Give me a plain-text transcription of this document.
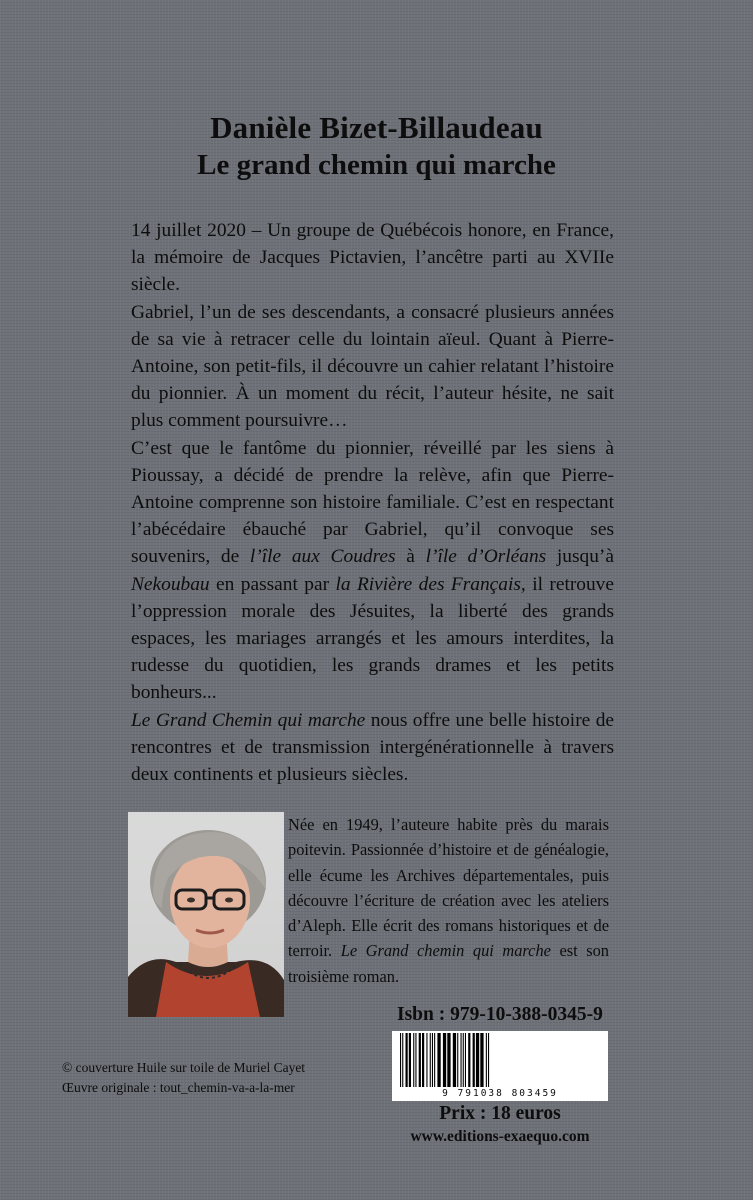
Danièle Bizet-Billaudeau
Le grand chemin qui marche

14 juillet 2020 – Un groupe de Québécois honore, en France, la mémoire de Jacques Pictavien, l’ancêtre parti au XVIIe siècle.

Gabriel, l’un de ses descendants, a consacré plusieurs années de sa vie à retracer celle du lointain aïeul. Quant à Pierre-Antoine, son petit-fils, il découvre un cahier relatant l’histoire du pionnier. À un moment du récit, l’auteur hésite, ne sait plus comment poursuivre…

C’est que le fantôme du pionnier, réveillé par les siens à Pioussay, a décidé de prendre la relève, afin que Pierre-Antoine comprenne son histoire familiale. C’est en respectant l’abécédaire ébauché par Gabriel, qu’il convoque ses souvenirs, de l’île aux Coudres à l’île d’Orléans jusqu’à Nekoubau en passant par la Rivière des Français, il retrouve l’oppression morale des Jésuites, la liberté des grands espaces, les mariages arrangés et les amours interdites, la rudesse du quotidien, les grands drames et les petits bonheurs...

Le Grand Chemin qui marche nous offre une belle histoire de rencontres et de transmission intergénérationnelle à travers deux continents et plusieurs siècles.

Née en 1949, l’auteure habite près du marais poitevin. Passionnée d’histoire et de généalogie, elle écume les Archives départementales, puis découvre l’écriture de création avec les ateliers d’Aleph. Elle écrit des romans historiques et de terroir. Le Grand chemin qui marche est son troisième roman.

Isbn : 979-10-388-0345-9
9 791038 803459
Prix : 18 euros
www.editions-exaequo.com
© couverture Huile sur toile de Muriel Cayet
Œuvre originale : tout_chemin-va-a-la-mer
